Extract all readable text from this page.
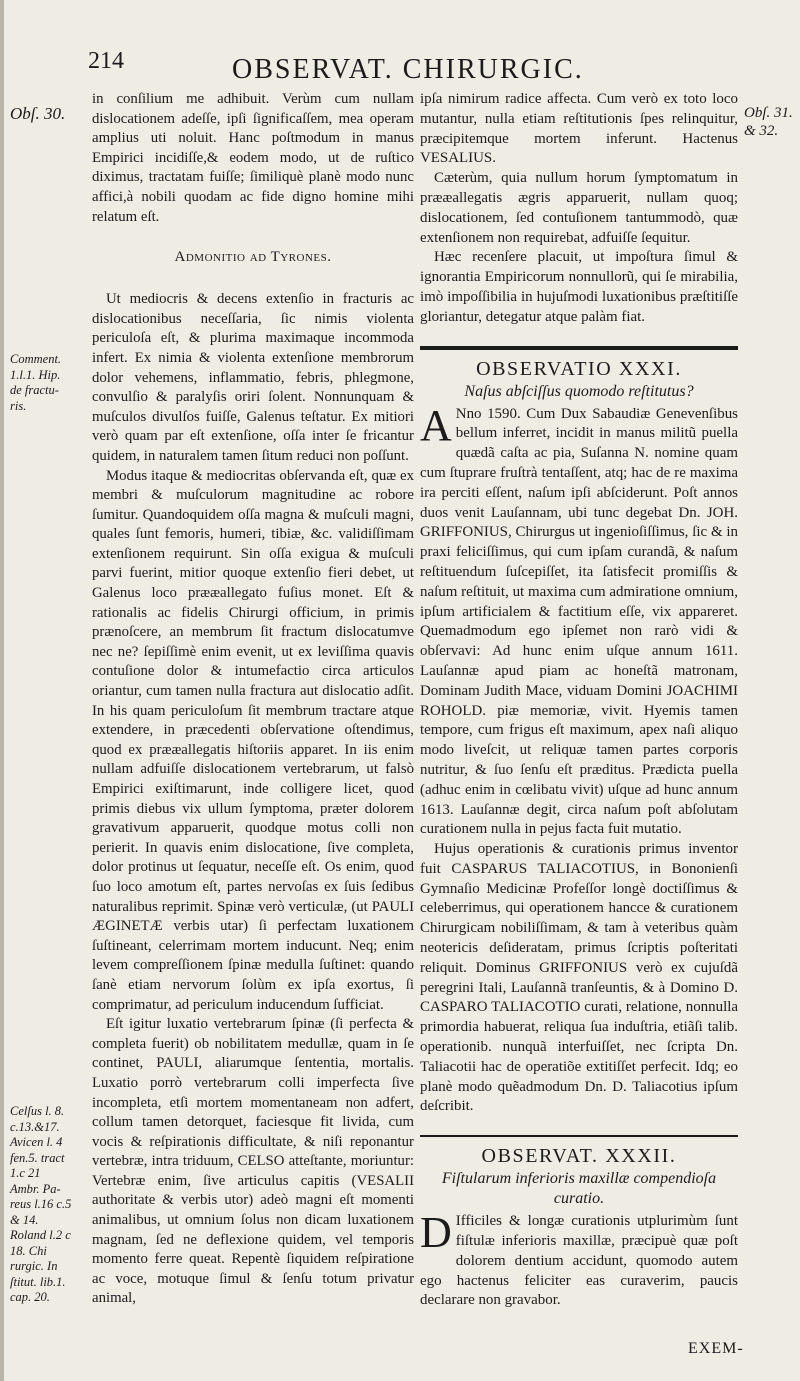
214	OBSERVAT. CHIRURGIC.
Obſ. 30.
Comment. 1.l.1. Hip. de fractu-ris.
Celſus l. 8. c.13.&17. Avicen l. 4 fen.5. tract 1.c 21 Ambr. Pa-reus l.16 c.5 & 14. Roland l.2 c 18. Chi rurgic. In ſtitut. lib.1. cap. 20.
Obſ. 31. & 32.

in conſilium me adhibuit. Verùm cum nullam dislocationem adeſſe, ipſi ſignificaſſem, mea operam amplius uti noluit. Hanc poſtmodum in manus Empirici incidiſſe,& eodem modo, ut de ruſtico diximus, tractatam fuiſſe; ſimiliquè planè modo nunc affici,à nobili quodam ac fide digno homine mihi relatum eſt.

Admonitio ad Tyrones.

Ut mediocris & decens extenſio in fracturis ac dislocationibus neceſſaria, ſic nimis violenta periculoſa eſt, & plurima maximaque incommoda infert. Ex nimia & violenta extenſione membrorum dolor vehemens, inflammatio, febris, phlegmone, convulſio & paralyſis oriri ſolent. Nonnunquam & muſculos divulſos fuiſſe, Galenus teſtatur. Ex mitiori verò quam par eſt extenſione, oſſa inter ſe fricantur quidem, in naturalem tamen ſitum reduci non poſſunt.

Modus itaque & mediocritas obſervanda eſt, quæ ex membri & muſculorum magnitudine ac robore ſumitur. Quandoquidem oſſa magna & muſculi magni, quales ſunt femoris, humeri, tibiæ, &c. validiſſimam extenſionem requirunt. Sin oſſa exigua & muſculi parvi fuerint, mitior quoque extenſio fieri debet, ut Galenus loco prææallegato fuſius monet. Eſt & rationalis ac fidelis Chirurgi officium, in primis prænoſcere, an membrum ſit fractum dislocatumve nec ne? ſepiſſimè enim evenit, ut ex leviſſima quavis contuſione dolor & intumefactio circa articulos oriantur, cum tamen nulla fractura aut dislocatio adſit. In his quam periculoſum ſit membrum tractare atque extendere, in præcedenti obſervatione oſtendimus, quod ex prææallegatis hiſtoriis apparet. In iis enim nullam adfuiſſe dislocationem vertebrarum, ut falsò Empirici exiſtimarunt, inde colligere licet, quod primis diebus vix ullum ſymptoma, præter dolorem gravativum apparuerit, quodque motus colli non perierit. In quavis enim dislocatione, ſive completa, dolor protinus ut ſequatur, neceſſe eſt. Os enim, quod ſuo loco amotum eſt, partes nervoſas ex ſuis ſedibus naturalibus reprimit. Spinæ verò verticulæ, (ut PAULI ÆGINETÆ verbis utar) ſi perfectam luxationem ſuſtineant, celerrimam mortem inducunt. Neq; enim levem compreſſionem ſpinæ medulla ſuſtinet: quando ſanè etiam nervorum ſolùm ex ipſa exortus, ſi comprimatur, ad periculum inducendum ſufficiat.

Eſt igitur luxatio vertebrarum ſpinæ (ſi perfecta & completa fuerit) ob nobilitatem medullæ, quam in ſe continet, PAULI, aliarumque ſententia, mortalis. Luxatio porrò vertebrarum colli imperfecta ſive incompleta, etſi mortem momentaneam non adfert, collum tamen detorquet, faciesque fit livida, cum vocis & reſpirationis difficultate, & niſi reponantur vertebræ, intra triduum, CELSO atteſtante, moriuntur: Vertebræ enim, ſive articulus capitis (VESALII authoritate & verbis utor) adeò magni eſt momenti animalibus, ut omnium ſolus non dicam luxationem magnam, ſed ne deflexione quidem, vel temporis momento ferre queat. Repentè ſiquidem reſpiratione ac voce, motuque ſimul & ſenſu totum privatur animal,

ipſa nimirum radice affecta. Cum verò ex toto loco mutantur, nulla etiam reſtitutionis ſpes relinquitur, præcipitemque mortem inferunt. Hactenus VESALIUS.

Cæterùm, quia nullum horum ſymptomatum in prææallegatis ægris apparuerit, nullam quoq; dislocationem, ſed contuſionem tantummodò, quæ extenſionem non requirebat, adfuiſſe ſequitur.

Hæc recenſere placuit, ut impoſtura ſimul & ignorantia Empiricorum nonnullorũ, qui ſe mirabilia, imò impoſſibilia in hujuſmodi luxationibus præſtitiſſe gloriantur, detegatur atque palàm fiat.

OBSERVATIO XXXI.
Naſus abſciſſus quomodo reſtitutus?

A Nno 1590. Cum Dux Sabaudiæ Genevenſibus bellum inferret, incidit in manus militũ puella quædã caſta ac pia, Suſanna N. nomine quam cum ſtuprare fruſtrà tentaſſent, atq; hac de re maxima ira perciti eſſent, naſum ipſi abſciderunt. Poſt annos duos venit Lauſannam, ubi tunc degebat Dn. JOH. GRIFFONIUS, Chirurgus ut ingenioſiſſimus, ſic & in praxi feliciſſimus, qui cum ipſam curandã, & naſum reſtituendum ſuſcepiſſet, ita ſatisfecit promiſſis & naſum reſtituit, ut maxima cum admiratione omnium, ipſum artificialem & factitium eſſe, vix appareret. Quemadmodum ego ipſemet non rarò vidi & obſervavi: Ad hunc enim uſque annum 1611. Lauſannæ apud piam ac honeſtã matronam, Dominam Judith Mace, viduam Domini JOACHIMI ROHOLD. piæ memoriæ, vivit. Hyemis tamen tempore, cum frigus eſt maximum, apex naſi aliquo modo liveſcit, ut reliquæ tamen partes corporis nutritur, & ſuo ſenſu eſt præditus. Prædicta puella (adhuc enim in cœlibatu vivit) uſque ad hunc annum 1613. Lauſannæ degit, circa naſum poſt abſolutam curationem nulla in pejus facta fuit mutatio.

Hujus operationis & curationis primus inventor fuit CASPARUS TALIACOTIUS, in Bononienſi Gymnaſio Medicinæ Profeſſor longè doctiſſimus & celeberrimus, qui operationem hancce & curationem Chirurgicam nobiliſſimam, & tam à veteribus quàm neotericis deſideratam, primus ſcriptis poſteritati reliquit. Dominus GRIFFONIUS verò ex cujuſdã peregrini Itali, Lauſannã tranſeuntis, & à Domino D. CASPARO TALIACOTIO curati, relatione, nonnulla primordia habuerat, reliqua ſua induſtria, etiãſi talib. operationib. nunquã interfuiſſet, nec ſcripta Dn. Taliacotii hac de operatiõe extitiſſet perfecit. Idq; eo planè modo quẽadmodum Dn. D. Taliacotius ipſum deſcribit.

OBSERVAT. XXXII.
Fiſtularum inferioris maxillæ compendioſa curatio.

D Ifficiles & longæ curationis utplurimùm ſunt fiſtulæ inferioris maxillæ, præcipuè quæ poſt dolorem dentium accidunt, quomodo autem ego hactenus feliciter eas curaverim, paucis declarare non gravabor.

EXEM-
